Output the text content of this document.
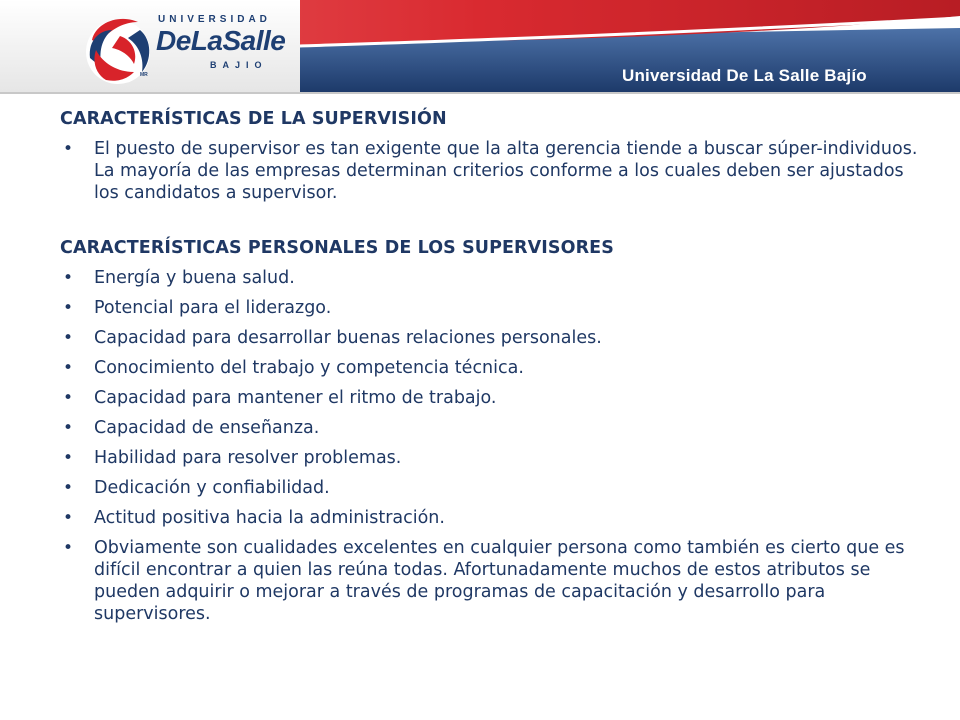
UNIVERSIDAD
DeLaSalle
BAJIO
MR	Universidad De La Salle Bajío

CARACTERÍSTICAS DE LA SUPERVISIÓN

• El puesto de supervisor es tan exigente que la alta gerencia tiende a buscar súper-individuos. La mayoría de las empresas determinan criterios conforme a los cuales deben ser ajustados los candidatos a supervisor.

CARACTERÍSTICAS PERSONALES DE LOS SUPERVISORES

• Energía y buena salud.

• Potencial para el liderazgo.

• Capacidad para desarrollar buenas relaciones personales.

• Conocimiento del trabajo y competencia técnica.

• Capacidad para mantener el ritmo de trabajo.

• Capacidad de enseñanza.

• Habilidad para resolver problemas.

• Dedicación y confiabilidad.

• Actitud positiva hacia la administración.

• Obviamente son cualidades excelentes en cualquier persona como también es cierto que es difícil encontrar a quien las reúna todas. Afortunadamente muchos de estos atributos se pueden adquirir o mejorar a través de programas de capacitación y desarrollo para supervisores.
